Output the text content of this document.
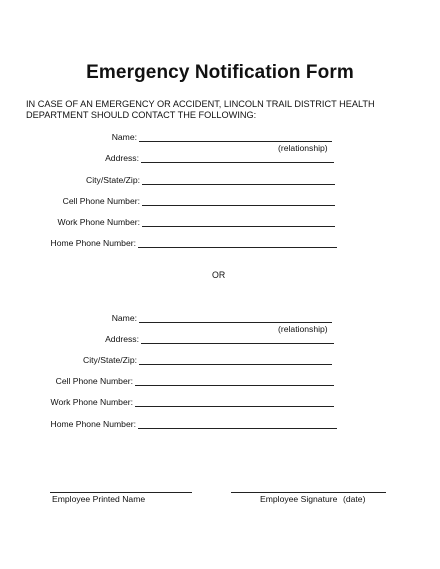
Emergency Notification Form
IN CASE OF AN EMERGENCY OR ACCIDENT, LINCOLN TRAIL DISTRICT HEALTH DEPARTMENT SHOULD CONTACT THE FOLLOWING:
Name:
(relationship)
Address:
City/State/Zip:
Cell Phone Number:
Work Phone Number:
Home Phone Number:
OR
Name:
(relationship)
Address:
City/State/Zip:
Cell Phone Number:
Work Phone Number:
Home Phone Number:
Employee Printed Name	Employee Signature (date)
